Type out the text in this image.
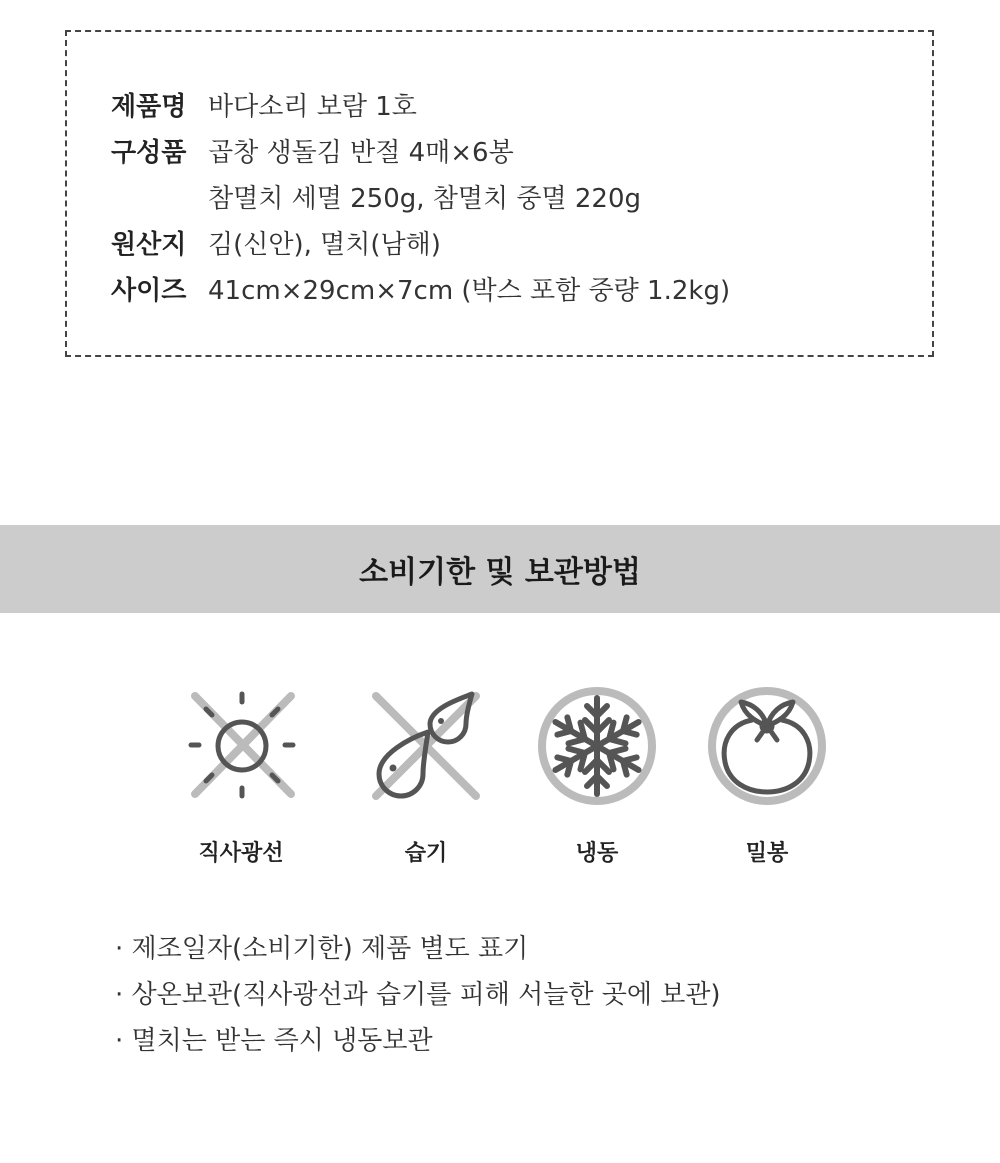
제품명 바다소리 보람 1호
구성품 곱창 생돌김 반절 4매×6봉
참멸치 세멸 250g, 참멸치 중멸 220g
원산지 김(신안), 멸치(남해)
사이즈 41cm×29cm×7cm (박스 포함 중량 1.2kg)
소비기한 및 보관방법
직사광선	습기	냉동	밀봉
· 제조일자(소비기한) 제품 별도 표기
· 상온보관(직사광선과 습기를 피해 서늘한 곳에 보관)
· 멸치는 받는 즉시 냉동보관
